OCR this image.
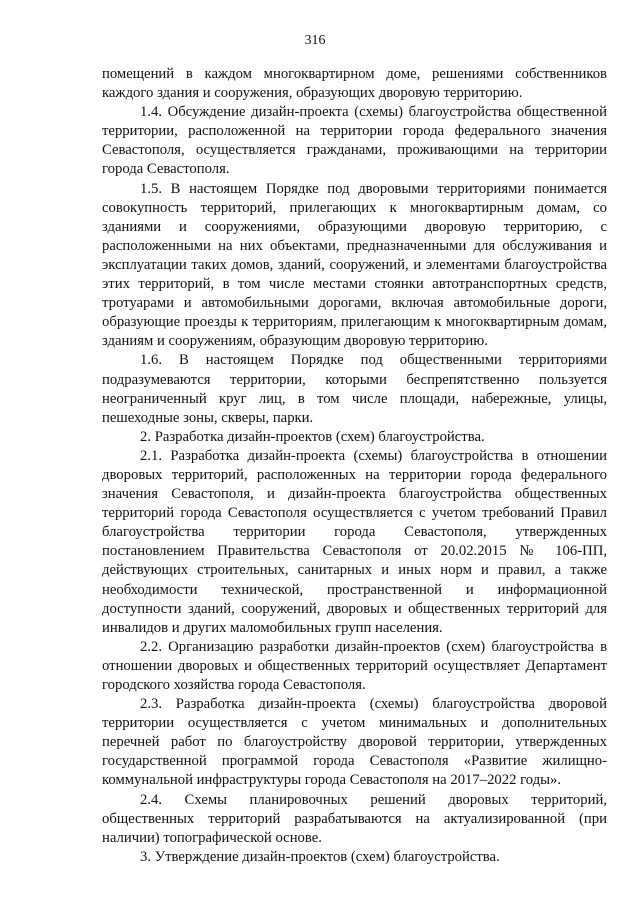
316

помещений в каждом многоквартирном доме, решениями собственников каждого здания и сооружения, образующих дворовую территорию.

1.4. Обсуждение дизайн-проекта (схемы) благоустройства общественной территории, расположенной на территории города федерального значения Севастополя, осуществляется гражданами, проживающими на территории города Севастополя.

1.5. В настоящем Порядке под дворовыми территориями понимается совокупность территорий, прилегающих к многоквартирным домам, со зданиями и сооружениями, образующими дворовую территорию, с расположенными на них объектами, предназначенными для обслуживания и эксплуатации таких домов, зданий, сооружений, и элементами благоустройства этих территорий, в том числе местами стоянки автотранспортных средств, тротуарами и автомобильными дорогами, включая автомобильные дороги, образующие проезды к территориям, прилегающим к многоквартирным домам, зданиям и сооружениям, образующим дворовую территорию.

1.6. В настоящем Порядке под общественными территориями подразумеваются территории, которыми беспрепятственно пользуется неограниченный круг лиц, в том числе площади, набережные, улицы, пешеходные зоны, скверы, парки.

2. Разработка дизайн-проектов (схем) благоустройства.

2.1. Разработка дизайн-проекта (схемы) благоустройства в отношении дворовых территорий, расположенных на территории города федерального значения Севастополя, и дизайн-проекта благоустройства общественных территорий города Севастополя осуществляется с учетом требований Правил благоустройства территории города Севастополя, утвержденных постановлением Правительства Севастополя от 20.02.2015 № 106-ПП, действующих строительных, санитарных и иных норм и правил, а также необходимости технической, пространственной и информационной доступности зданий, сооружений, дворовых и общественных территорий для инвалидов и других маломобильных групп населения.

2.2. Организацию разработки дизайн-проектов (схем) благоустройства в отношении дворовых и общественных территорий осуществляет Департамент городского хозяйства города Севастополя.

2.3. Разработка дизайн-проекта (схемы) благоустройства дворовой территории осуществляется с учетом минимальных и дополнительных перечней работ по благоустройству дворовой территории, утвержденных государственной программой города Севастополя «Развитие жилищно-коммунальной инфраструктуры города Севастополя на 2017–2022 годы».

2.4. Схемы планировочных решений дворовых территорий, общественных территорий разрабатываются на актуализированной (при наличии) топографической основе.

3. Утверждение дизайн-проектов (схем) благоустройства.
